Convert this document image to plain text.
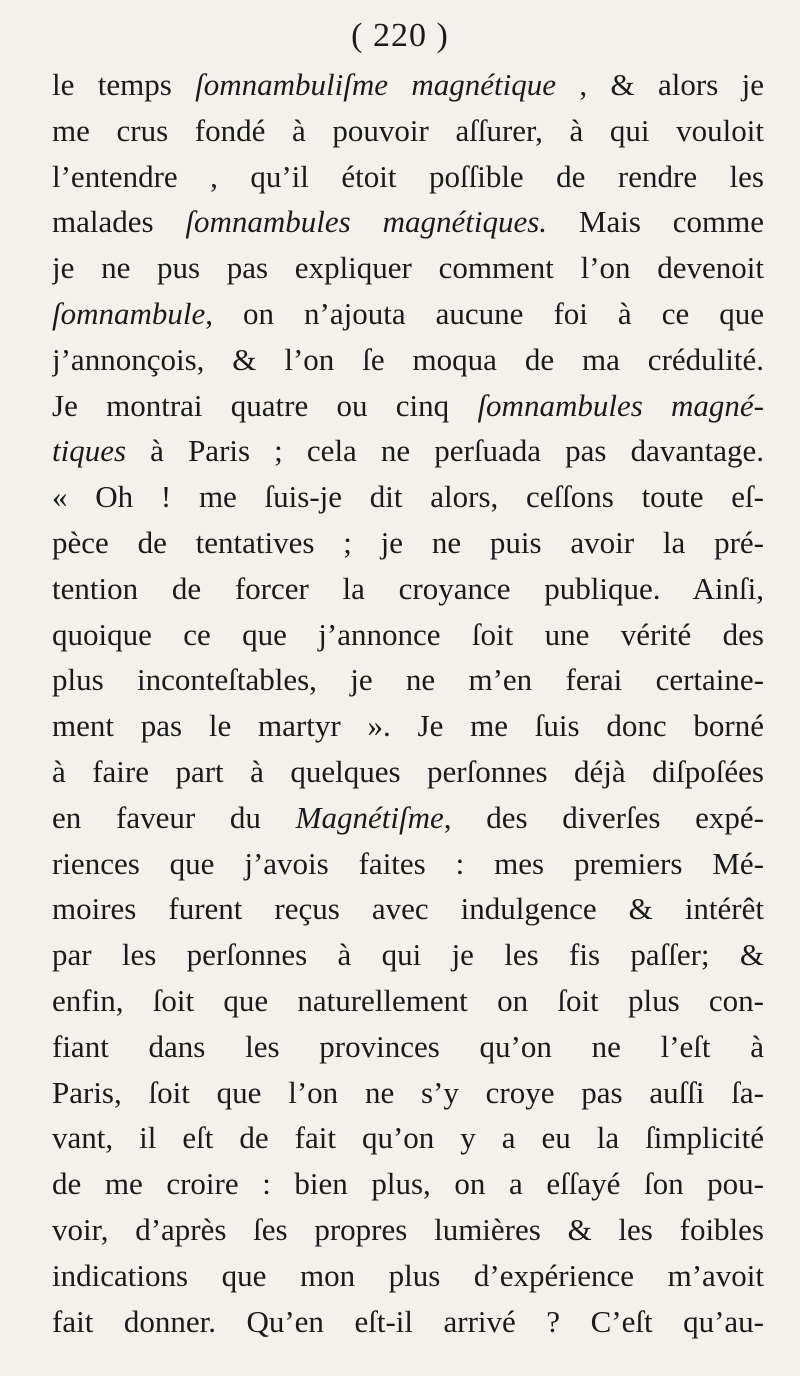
( 220 )
le temps ſomnambuliſme magnétique , & alors je
me crus fondé à pouvoir aſſurer, à qui vouloit
l’entendre , qu’il étoit poſſible de rendre les
malades ſomnambules magnétiques. Mais comme
je ne pus pas expliquer comment l’on devenoit
ſomnambule, on n’ajouta aucune foi à ce que
j’annonçois, & l’on ſe moqua de ma crédulité.
Je montrai quatre ou cinq ſomnambules magné-
tiques à Paris ; cela ne perſuada pas davantage.
« Oh ! me ſuis-je dit alors, ceſſons toute eſ-
pèce de tentatives ; je ne puis avoir la pré-
tention de forcer la croyance publique. Ainſi,
quoique ce que j’annonce ſoit une vérité des
plus inconteſtables, je ne m’en ferai certaine-
ment pas le martyr ». Je me ſuis donc borné
à faire part à quelques perſonnes déjà diſpoſées
en faveur du Magnétiſme, des diverſes expé-
riences que j’avois faites : mes premiers Mé-
moires furent reçus avec indulgence & intérêt
par les perſonnes à qui je les fis paſſer; &
enfin, ſoit que naturellement on ſoit plus con-
fiant dans les provinces qu’on ne l’eſt à
Paris, ſoit que l’on ne s’y croye pas auſſi ſa-
vant, il eſt de fait qu’on y a eu la ſimplicité
de me croire : bien plus, on a eſſayé ſon pou-
voir, d’après ſes propres lumières & les foibles
indications que mon plus d’expérience m’avoit
fait donner. Qu’en eſt-il arrivé ? C’eſt qu’au-
